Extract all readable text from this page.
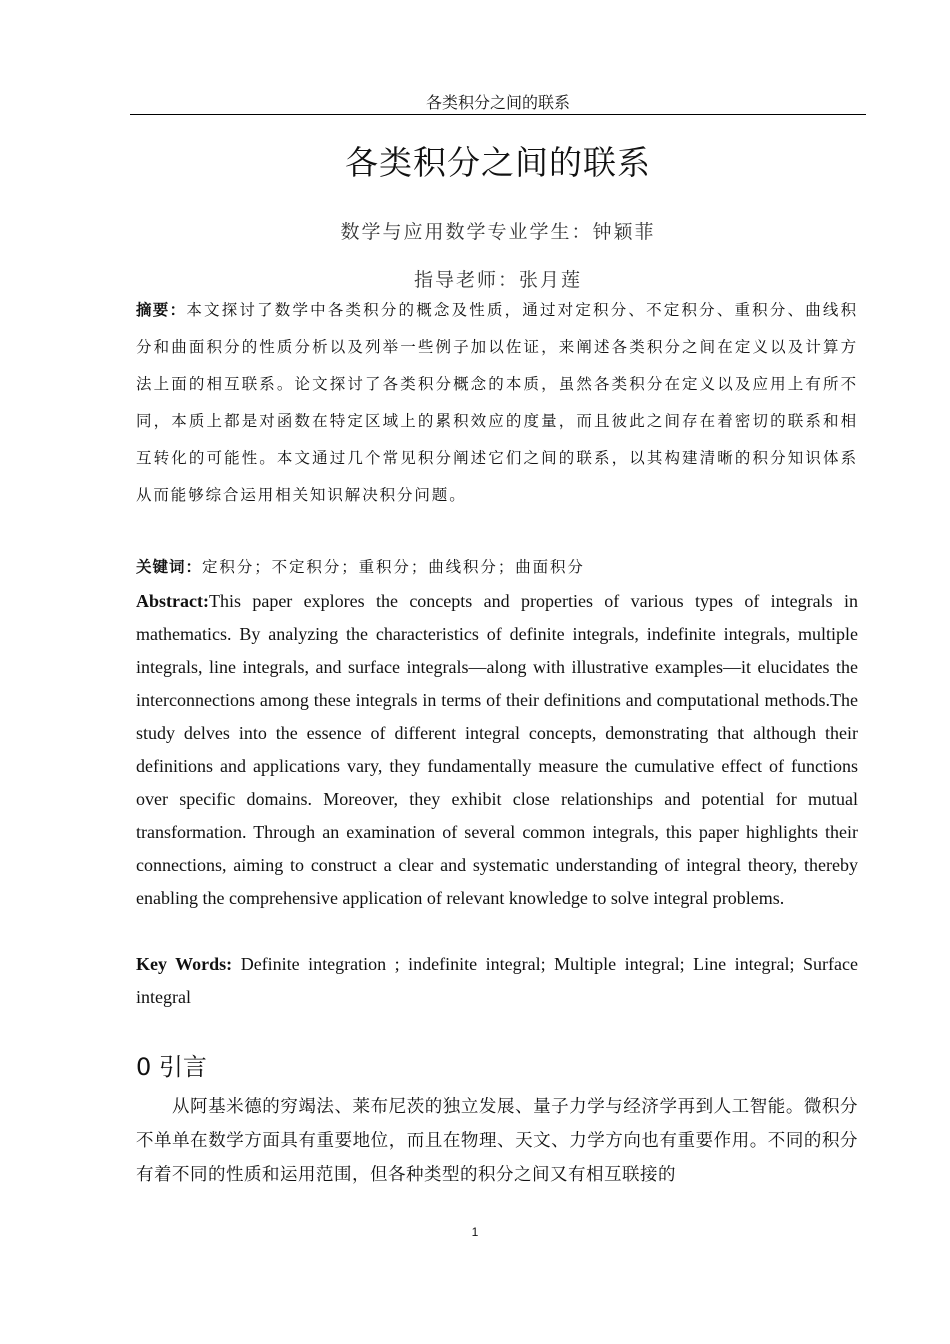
各类积分之间的联系
各类积分之间的联系
数学与应用数学专业学生：钟颖菲
指导老师：张月莲
摘要：本文探讨了数学中各类积分的概念及性质，通过对定积分、不定积分、重积分、曲线积分和曲面积分的性质分析以及列举一些例子加以佐证，来阐述各类积分之间在定义以及计算方法上面的相互联系。论文探讨了各类积分概念的本质，虽然各类积分在定义以及应用上有所不同，本质上都是对函数在特定区域上的累积效应的度量，而且彼此之间存在着密切的联系和相互转化的可能性。本文通过几个常见积分阐述它们之间的联系，以其构建清晰的积分知识体系从而能够综合运用相关知识解决积分问题。
关键词：定积分；不定积分；重积分；曲线积分；曲面积分
Abstract:This paper explores the concepts and properties of various types of integrals in mathematics. By analyzing the characteristics of definite integrals, indefinite integrals, multiple integrals, line integrals, and surface integrals—along with illustrative examples—it elucidates the interconnections among these integrals in terms of their definitions and computational methods.The study delves into the essence of different integral concepts, demonstrating that although their definitions and applications vary, they fundamentally measure the cumulative effect of functions over specific domains. Moreover, they exhibit close relationships and potential for mutual transformation. Through an examination of several common integrals, this paper highlights their connections, aiming to construct a clear and systematic understanding of integral theory, thereby enabling the comprehensive application of relevant knowledge to solve integral problems.
Key Words: Definite integration ; indefinite integral; Multiple integral; Line integral; Surface integral
0 引言
从阿基米德的穷竭法、莱布尼茨的独立发展、量子力学与经济学再到人工智能。微积分不单单在数学方面具有重要地位，而且在物理、天文、力学方向也有重要作用。不同的积分有着不同的性质和运用范围，但各种类型的积分之间又有相互联接的
1
